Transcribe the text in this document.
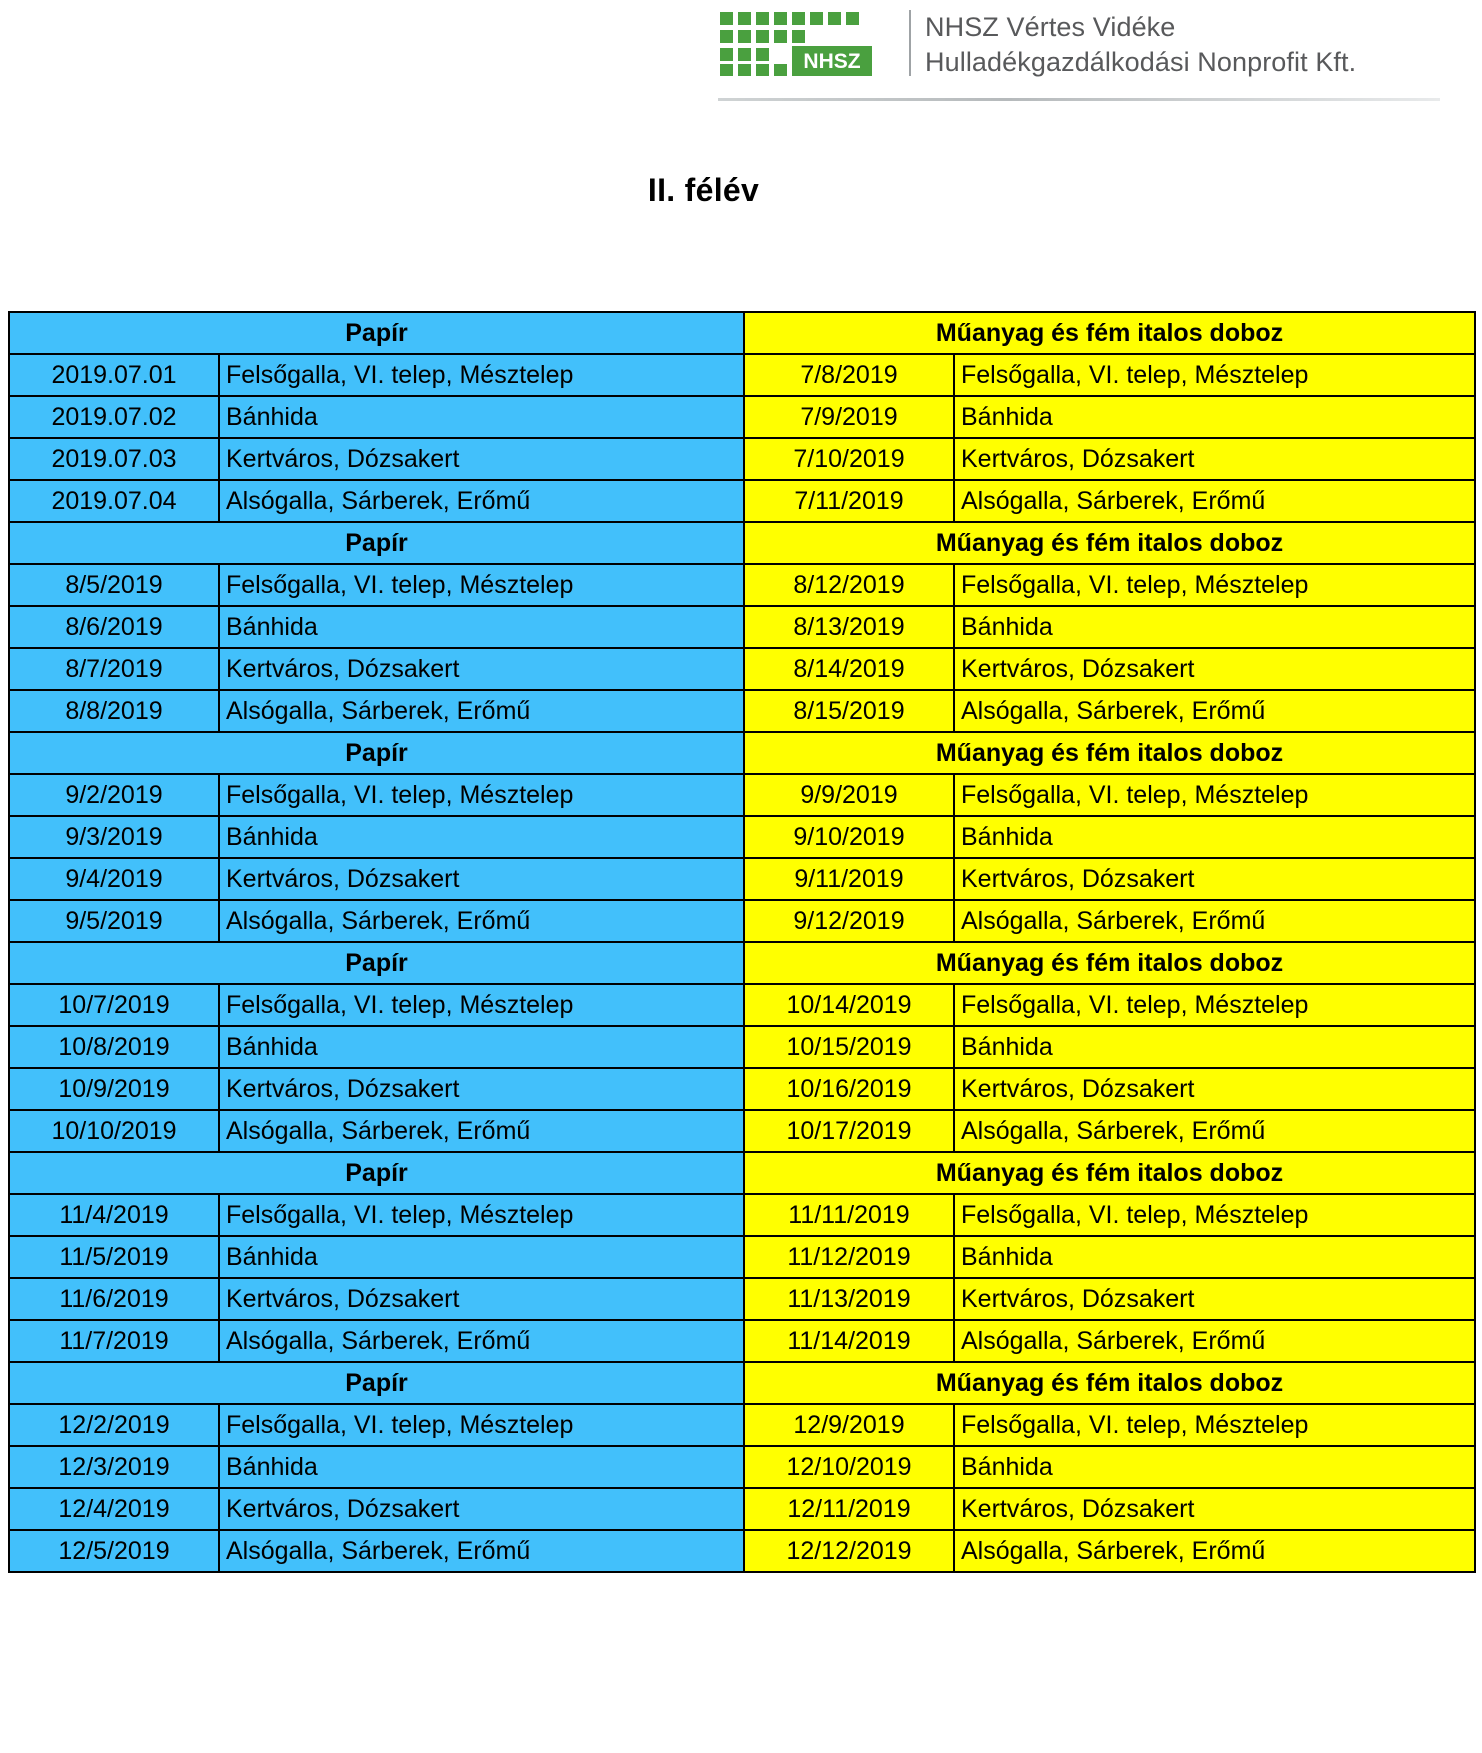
NHSZ
NHSZ Vértes Vidéke
Hulladékgazdálkodási Nonprofit Kft.
II. félév
Papír		Műanyag és fém italos doboz	
2019.07.01	Felsőgalla, VI. telep, Mésztelep	7/8/2019	Felsőgalla, VI. telep, Mésztelep
2019.07.02	Bánhida	7/9/2019	Bánhida
2019.07.03	Kertváros, Dózsakert	7/10/2019	Kertváros, Dózsakert
2019.07.04	Alsógalla, Sárberek, Erőmű	7/11/2019	Alsógalla, Sárberek, Erőmű
Papír		Műanyag és fém italos doboz	
8/5/2019	Felsőgalla, VI. telep, Mésztelep	8/12/2019	Felsőgalla, VI. telep, Mésztelep
8/6/2019	Bánhida	8/13/2019	Bánhida
8/7/2019	Kertváros, Dózsakert	8/14/2019	Kertváros, Dózsakert
8/8/2019	Alsógalla, Sárberek, Erőmű	8/15/2019	Alsógalla, Sárberek, Erőmű
Papír		Műanyag és fém italos doboz	
9/2/2019	Felsőgalla, VI. telep, Mésztelep	9/9/2019	Felsőgalla, VI. telep, Mésztelep
9/3/2019	Bánhida	9/10/2019	Bánhida
9/4/2019	Kertváros, Dózsakert	9/11/2019	Kertváros, Dózsakert
9/5/2019	Alsógalla, Sárberek, Erőmű	9/12/2019	Alsógalla, Sárberek, Erőmű
Papír		Műanyag és fém italos doboz	
10/7/2019	Felsőgalla, VI. telep, Mésztelep	10/14/2019	Felsőgalla, VI. telep, Mésztelep
10/8/2019	Bánhida	10/15/2019	Bánhida
10/9/2019	Kertváros, Dózsakert	10/16/2019	Kertváros, Dózsakert
10/10/2019	Alsógalla, Sárberek, Erőmű	10/17/2019	Alsógalla, Sárberek, Erőmű
Papír		Műanyag és fém italos doboz	
11/4/2019	Felsőgalla, VI. telep, Mésztelep	11/11/2019	Felsőgalla, VI. telep, Mésztelep
11/5/2019	Bánhida	11/12/2019	Bánhida
11/6/2019	Kertváros, Dózsakert	11/13/2019	Kertváros, Dózsakert
11/7/2019	Alsógalla, Sárberek, Erőmű	11/14/2019	Alsógalla, Sárberek, Erőmű
Papír		Műanyag és fém italos doboz	
12/2/2019	Felsőgalla, VI. telep, Mésztelep	12/9/2019	Felsőgalla, VI. telep, Mésztelep
12/3/2019	Bánhida	12/10/2019	Bánhida
12/4/2019	Kertváros, Dózsakert	12/11/2019	Kertváros, Dózsakert
12/5/2019	Alsógalla, Sárberek, Erőmű	12/12/2019	Alsógalla, Sárberek, Erőmű
